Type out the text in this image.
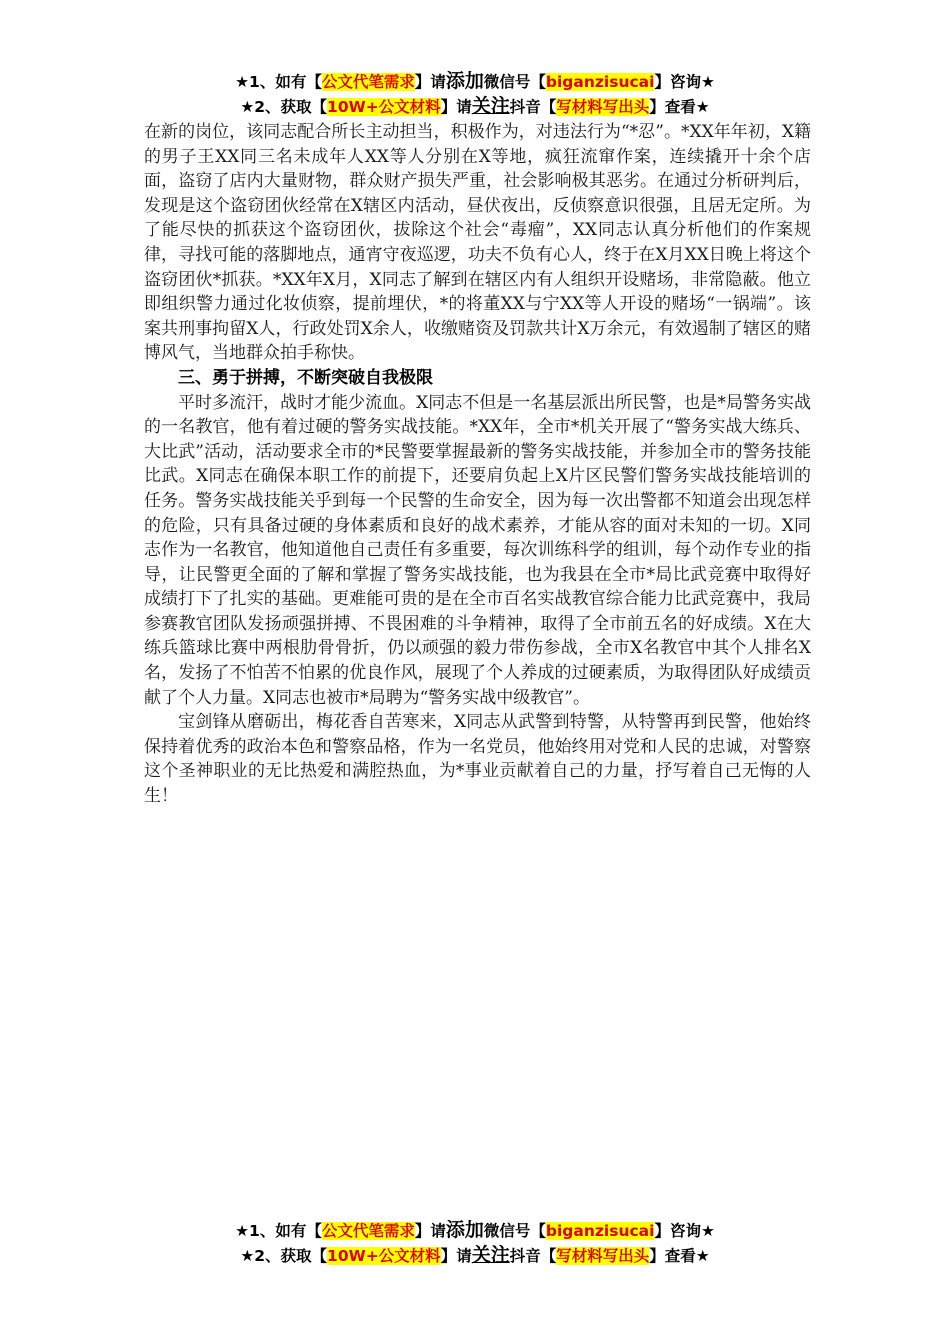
★1、如有【公文代笔需求】请添加微信号【biganzisucai】咨询★
★2、获取【10W+公文材料】请关注抖音【写材料写出头】查看★

在新的岗位，该同志配合所长主动担当，积极作为，对违法行为“*忍”。*XX年年初，X籍的男子王XX同三名未成年人XX等人分别在X等地，疯狂流窜作案，连续撬开十余个店面，盗窃了店内大量财物，群众财产损失严重，社会影响极其恶劣。在通过分析研判后，发现是这个盗窃团伙经常在X辖区内活动，昼伏夜出，反侦察意识很强，且居无定所。为了能尽快的抓获这个盗窃团伙，拔除这个社会“毒瘤”，XX同志认真分析他们的作案规律，寻找可能的落脚地点，通宵守夜巡逻，功夫不负有心人，终于在X月XX日晚上将这个盗窃团伙*抓获。*XX年X月，X同志了解到在辖区内有人组织开设赌场，非常隐蔽。他立即组织警力通过化妆侦察，提前埋伏，*的将董XX与宁XX等人开设的赌场“一锅端”。该案共刑事拘留X人，行政处罚X余人，收缴赌资及罚款共计X万余元，有效遏制了辖区的赌博风气，当地群众拍手称快。

三、勇于拼搏，不断突破自我极限

平时多流汗，战时才能少流血。X同志不但是一名基层派出所民警，也是*局警务实战的一名教官，他有着过硬的警务实战技能。*XX年，全市*机关开展了“警务实战大练兵、大比武”活动，活动要求全市的*民警要掌握最新的警务实战技能，并参加全市的警务技能比武。X同志在确保本职工作的前提下，还要肩负起上X片区民警们警务实战技能培训的任务。警务实战技能关乎到每一个民警的生命安全，因为每一次出警都不知道会出现怎样的危险，只有具备过硬的身体素质和良好的战术素养，才能从容的面对未知的一切。X同志作为一名教官，他知道他自己责任有多重要，每次训练科学的组训，每个动作专业的指导，让民警更全面的了解和掌握了警务实战技能，也为我县在全市*局比武竞赛中取得好成绩打下了扎实的基础。更难能可贵的是在全市百名实战教官综合能力比武竞赛中，我局参赛教官团队发扬顽强拼搏、不畏困难的斗争精神，取得了全市前五名的好成绩。X在大练兵篮球比赛中两根肋骨骨折，仍以顽强的毅力带伤参战，全市X名教官中其个人排名X名，发扬了不怕苦不怕累的优良作风，展现了个人养成的过硬素质，为取得团队好成绩贡献了个人力量。X同志也被市*局聘为“警务实战中级教官”。

宝剑锋从磨砺出，梅花香自苦寒来，X同志从武警到特警，从特警再到民警，他始终保持着优秀的政治本色和警察品格，作为一名党员，他始终用对党和人民的忠诚，对警察这个圣神职业的无比热爱和满腔热血，为*事业贡献着自己的力量，抒写着自己无悔的人生！

★1、如有【公文代笔需求】请添加微信号【biganzisucai】咨询★
★2、获取【10W+公文材料】请关注抖音【写材料写出头】查看★
